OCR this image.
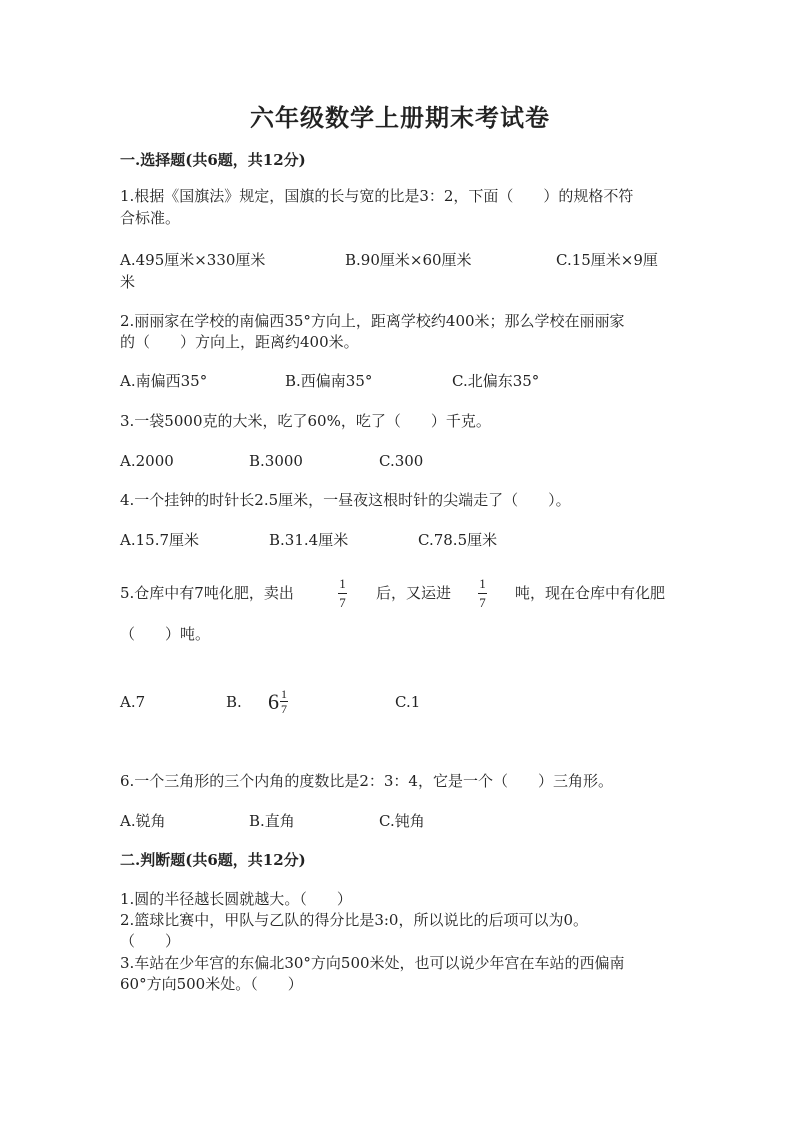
六年级数学上册期末考试卷
一.选择题(共6题，共12分)
1.根据《国旗法》规定，国旗的长与宽的比是3：2，下面（　　）的规格不符
合标准。
A.495厘米×330厘米	B.90厘米×60厘米	C.15厘米×9厘
米
2.丽丽家在学校的南偏西35°方向上，距离学校约400米；那么学校在丽丽家
的（　　）方向上，距离约400米。
A.南偏西35°	B.西偏南35°	C.北偏东35°
3.一袋5000克的大米，吃了60%，吃了（　　）千克。
A.2000	B.3000	C.300
4.一个挂钟的时针长2.5厘米，一昼夜这根时针的尖端走了（　　）。
A.15.7厘米	B.31.4厘米	C.78.5厘米
5.仓库中有7吨化肥，卖出
1
7
后，又运进
1
7
吨，现在仓库中有化肥
（　　）吨。
A.7	B. $6 \frac{1}{7}$	C.1
6.一个三角形的三个内角的度数比是2：3：4，它是一个（　　）三角形。
A.锐角	B.直角	C.钝角
二.判断题(共6题，共12分)
1.圆的半径越长圆就越大。（　　）
2.篮球比赛中，甲队与乙队的得分比是3:0，所以说比的后项可以为0。
（　　）
3.车站在少年宫的东偏北30°方向500米处，也可以说少年宫在车站的西偏南
60°方向500米处。（　　）
